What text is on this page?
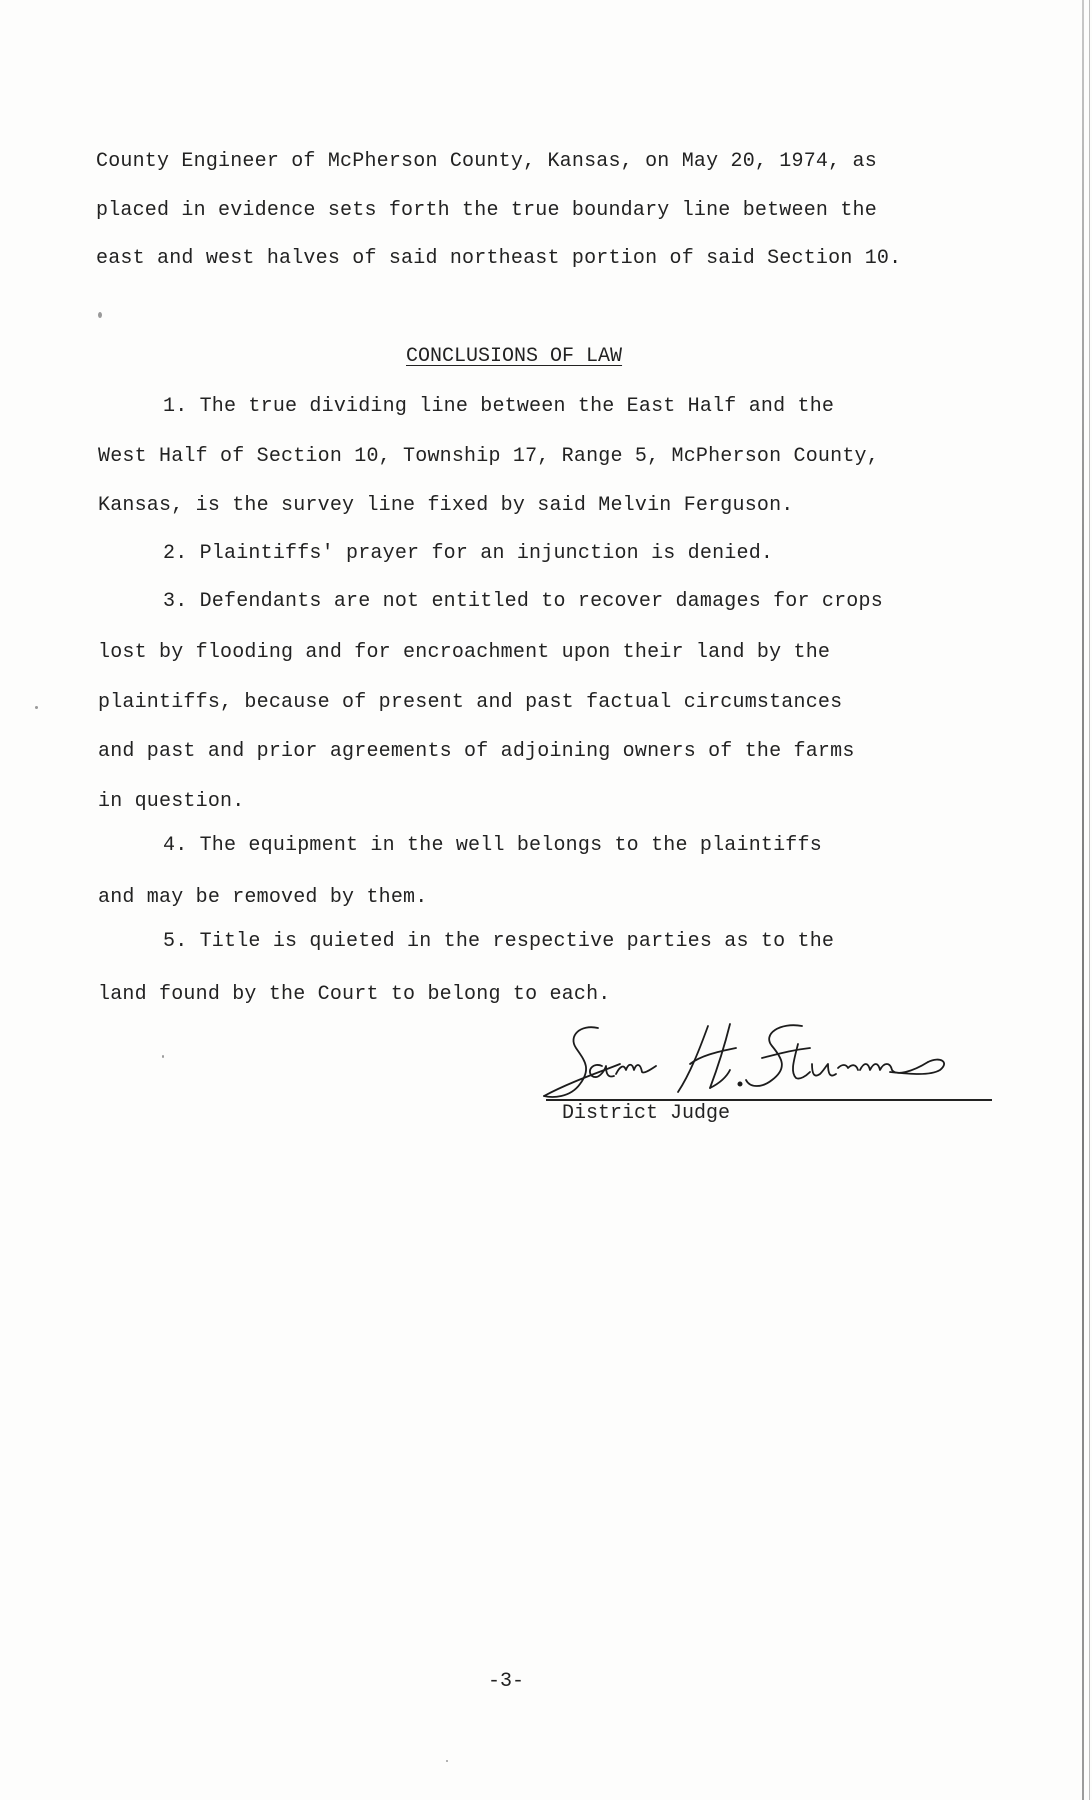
County Engineer of McPherson County, Kansas, on May 20, 1974, as

placed in evidence sets forth the true boundary line between the

east and west halves of said northeast portion of said Section 10.

CONCLUSIONS OF LAW

1. The true dividing line between the East Half and the

West Half of Section 10, Township 17, Range 5, McPherson County,

Kansas, is the survey line fixed by said Melvin Ferguson.

2. Plaintiffs' prayer for an injunction is denied.

3. Defendants are not entitled to recover damages for crops

lost by flooding and for encroachment upon their land by the

plaintiffs, because of present and past factual circumstances

and past and prior agreements of adjoining owners of the farms

in question.

4. The equipment in the well belongs to the plaintiffs

and may be removed by them.

5. Title is quieted in the respective parties as to the

land found by the Court to belong to each.

District Judge

-3-
